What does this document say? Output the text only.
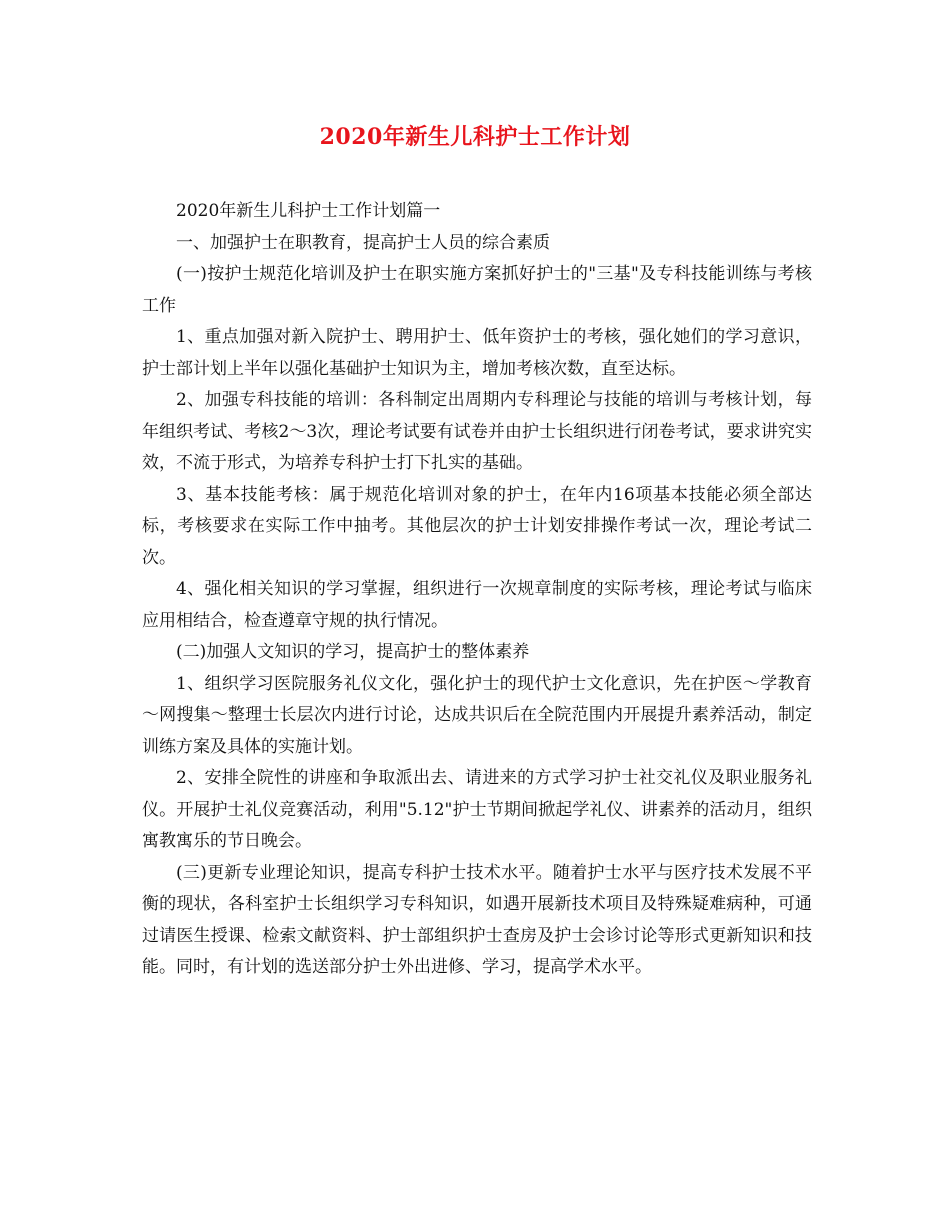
2020年新生儿科护士工作计划

2020年新生儿科护士工作计划篇一

一、加强护士在职教育，提高护士人员的综合素质

(一)按护士规范化培训及护士在职实施方案抓好护士的"三基"及专科技能训练与考核工作

1、重点加强对新入院护士、聘用护士、低年资护士的考核，强化她们的学习意识，护士部计划上半年以强化基础护士知识为主，增加考核次数，直至达标。

2、加强专科技能的培训：各科制定出周期内专科理论与技能的培训与考核计划，每年组织考试、考核2～3次，理论考试要有试卷并由护士长组织进行闭卷考试，要求讲究实效，不流于形式，为培养专科护士打下扎实的基础。

3、基本技能考核：属于规范化培训对象的护士，在年内16项基本技能必须全部达标，考核要求在实际工作中抽考。其他层次的护士计划安排操作考试一次，理论考试二次。

4、强化相关知识的学习掌握，组织进行一次规章制度的实际考核，理论考试与临床应用相结合，检查遵章守规的执行情况。

(二)加强人文知识的学习，提高护士的整体素养

1、组织学习医院服务礼仪文化，强化护士的现代护士文化意识，先在护医～学教育～网搜集～整理士长层次内进行讨论，达成共识后在全院范围内开展提升素养活动，制定训练方案及具体的实施计划。

2、安排全院性的讲座和争取派出去、请进来的方式学习护士社交礼仪及职业服务礼仪。开展护士礼仪竞赛活动，利用"5.12"护士节期间掀起学礼仪、讲素养的活动月，组织寓教寓乐的节日晚会。

(三)更新专业理论知识，提高专科护士技术水平。随着护士水平与医疗技术发展不平衡的现状，各科室护士长组织学习专科知识，如遇开展新技术项目及特殊疑难病种，可通过请医生授课、检索文献资料、护士部组织护士查房及护士会诊讨论等形式更新知识和技能。同时，有计划的选送部分护士外出进修、学习，提高学术水平。
